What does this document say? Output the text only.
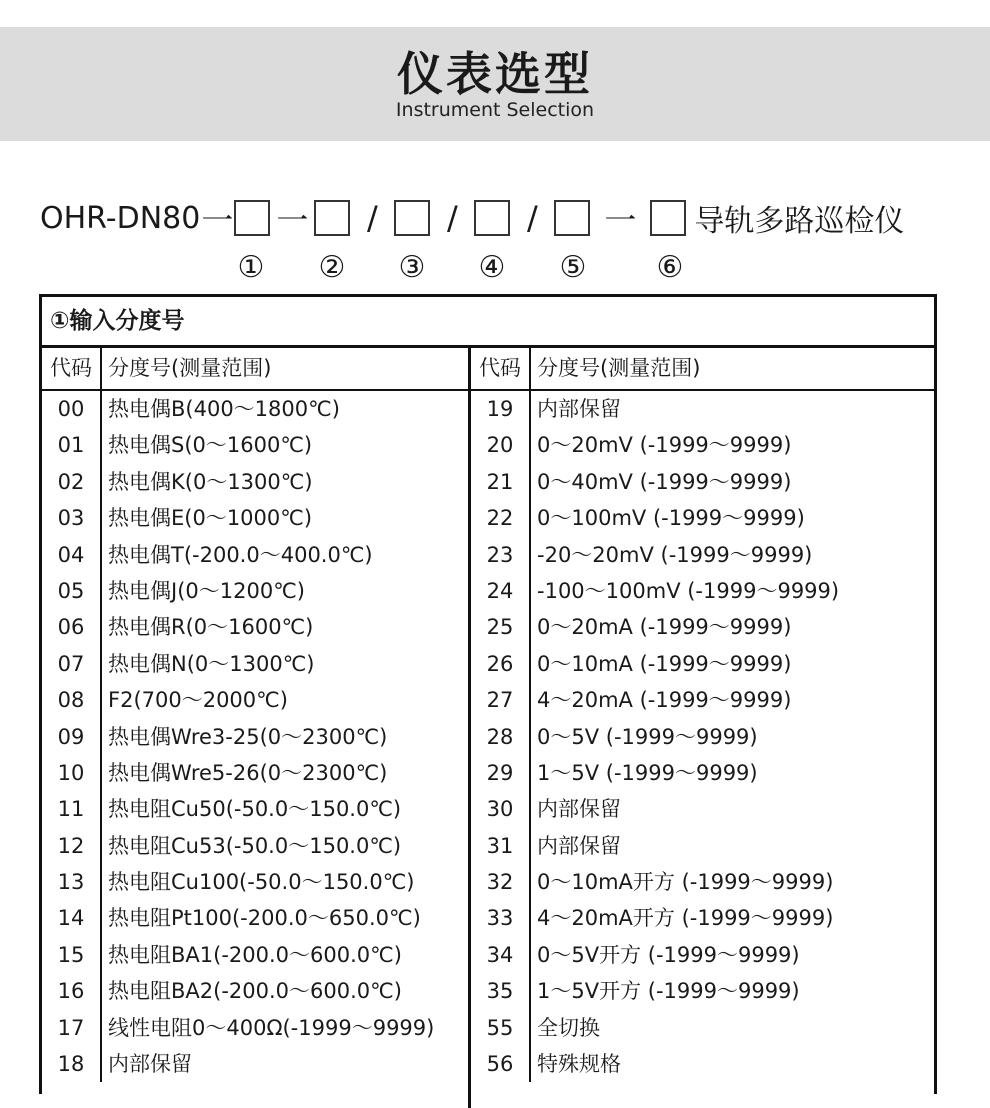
仪表选型
Instrument Selection
OHR-DN80 一 一	/	/	/	一	导轨多路巡检仪
① ② ③ ④ ⑤ ⑥
①输入分度号
代码 分度号(测量范围)
00	热电偶B(400～1800℃)
01	热电偶S(0～1600℃)
02	热电偶K(0～1300℃)
03	热电偶E(0～1000℃)
04	热电偶T(-200.0～400.0℃)
05	热电偶J(0～1200℃)
06	热电偶R(0～1600℃)
07	热电偶N(0～1300℃)
08	F2(700～2000℃)
09	热电偶Wre3-25(0～2300℃)
10	热电偶Wre5-26(0～2300℃)
11	热电阻Cu50(-50.0～150.0℃)
12	热电阻Cu53(-50.0～150.0℃)
13	热电阻Cu100(-50.0～150.0℃)
14	热电阻Pt100(-200.0～650.0℃)
15	热电阻BA1(-200.0～600.0℃)
16	热电阻BA2(-200.0～600.0℃)
17	线性电阻0～400Ω(-1999～9999)
18	内部保留
代码 分度号(测量范围)
19	内部保留
20	0～20mV (-1999～9999)
21	0～40mV (-1999～9999)
22	0～100mV (-1999～9999)
23	-20～20mV (-1999～9999)
24	-100～100mV (-1999～9999)
25	0～20mA (-1999～9999)
26	0～10mA (-1999～9999)
27	4～20mA (-1999～9999)
28	0～5V (-1999～9999)
29	1～5V (-1999～9999)
30	内部保留
31	内部保留
32	0～10mA开方 (-1999～9999)
33	4～20mA开方 (-1999～9999)
34	0～5V开方 (-1999～9999)
35	1～5V开方 (-1999～9999)
55	全切换
56	特殊规格
